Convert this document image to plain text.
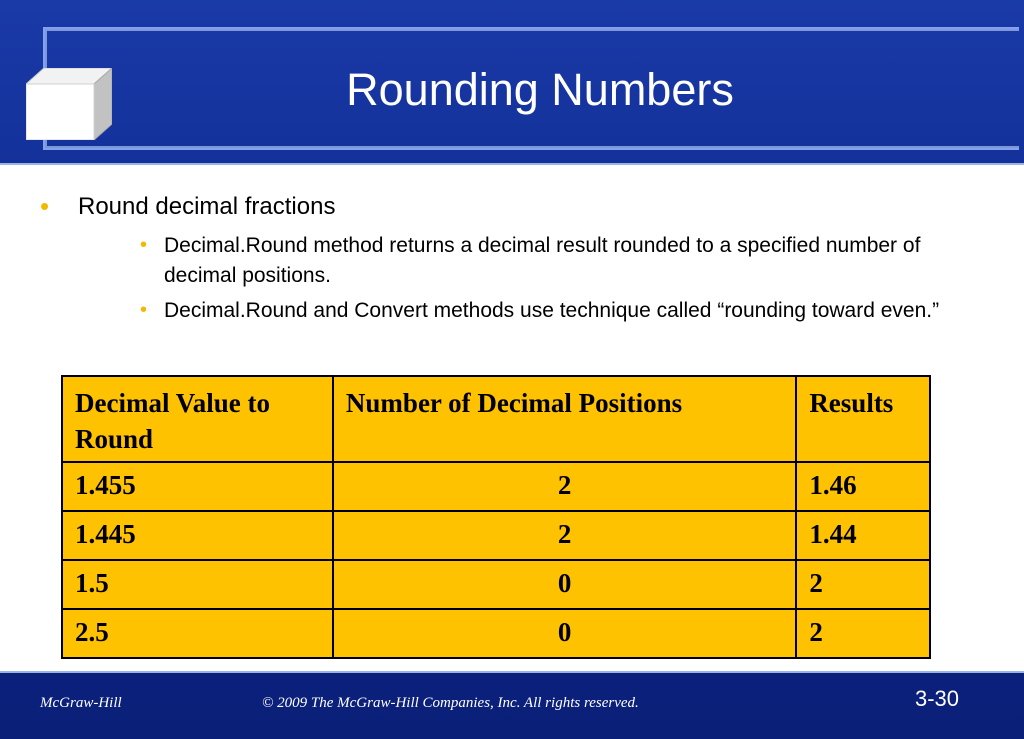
Rounding Numbers
•	Round decimal fractions
• Decimal.Round method returns a decimal result rounded to a specified number of decimal positions.
• Decimal.Round and Convert methods use technique called “rounding toward even.”
Decimal Value to Round	Number of Decimal Positions	Results

1.455	2	1.46
1.445	2	1.44
1.5	0	2
2.5	0	2
McGraw-Hill	© 2009 The McGraw-Hill Companies, Inc. All rights reserved.	3-30
